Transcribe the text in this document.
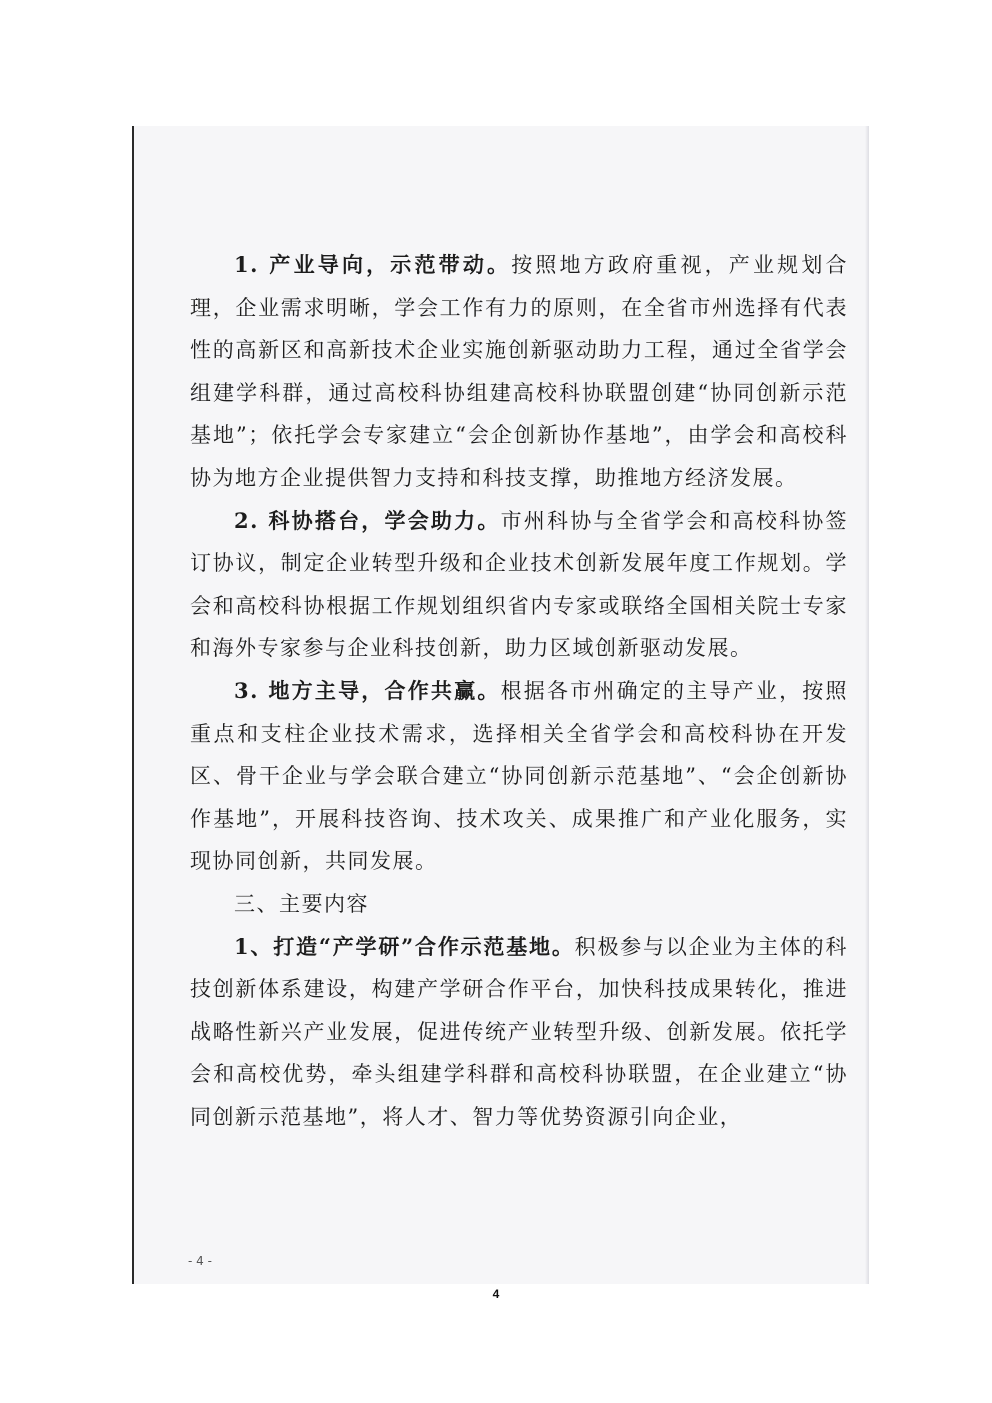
1. 产业导向，示范带动。按照地方政府重视，产业规划合理，企业需求明晰，学会工作有力的原则，在全省市州选择有代表性的高新区和高新技术企业实施创新驱动助力工程，通过全省学会组建学科群，通过高校科协组建高校科协联盟创建“协同创新示范基地”；依托学会专家建立“会企创新协作基地”，由学会和高校科协为地方企业提供智力支持和科技支撑，助推地方经济发展。

2. 科协搭台，学会助力。市州科协与全省学会和高校科协签订协议，制定企业转型升级和企业技术创新发展年度工作规划。学会和高校科协根据工作规划组织省内专家或联络全国相关院士专家和海外专家参与企业科技创新，助力区域创新驱动发展。

3. 地方主导，合作共赢。根据各市州确定的主导产业，按照重点和支柱企业技术需求，选择相关全省学会和高校科协在开发区、骨干企业与学会联合建立“协同创新示范基地”、“会企创新协作基地”，开展科技咨询、技术攻关、成果推广和产业化服务，实现协同创新，共同发展。

三、主要内容

1、打造“产学研”合作示范基地。积极参与以企业为主体的科技创新体系建设，构建产学研合作平台，加快科技成果转化，推进战略性新兴产业发展，促进传统产业转型升级、创新发展。依托学会和高校优势，牵头组建学科群和高校科协联盟，在企业建立“协同创新示范基地”，将人才、智力等优势资源引向企业，

- 4 -
4
